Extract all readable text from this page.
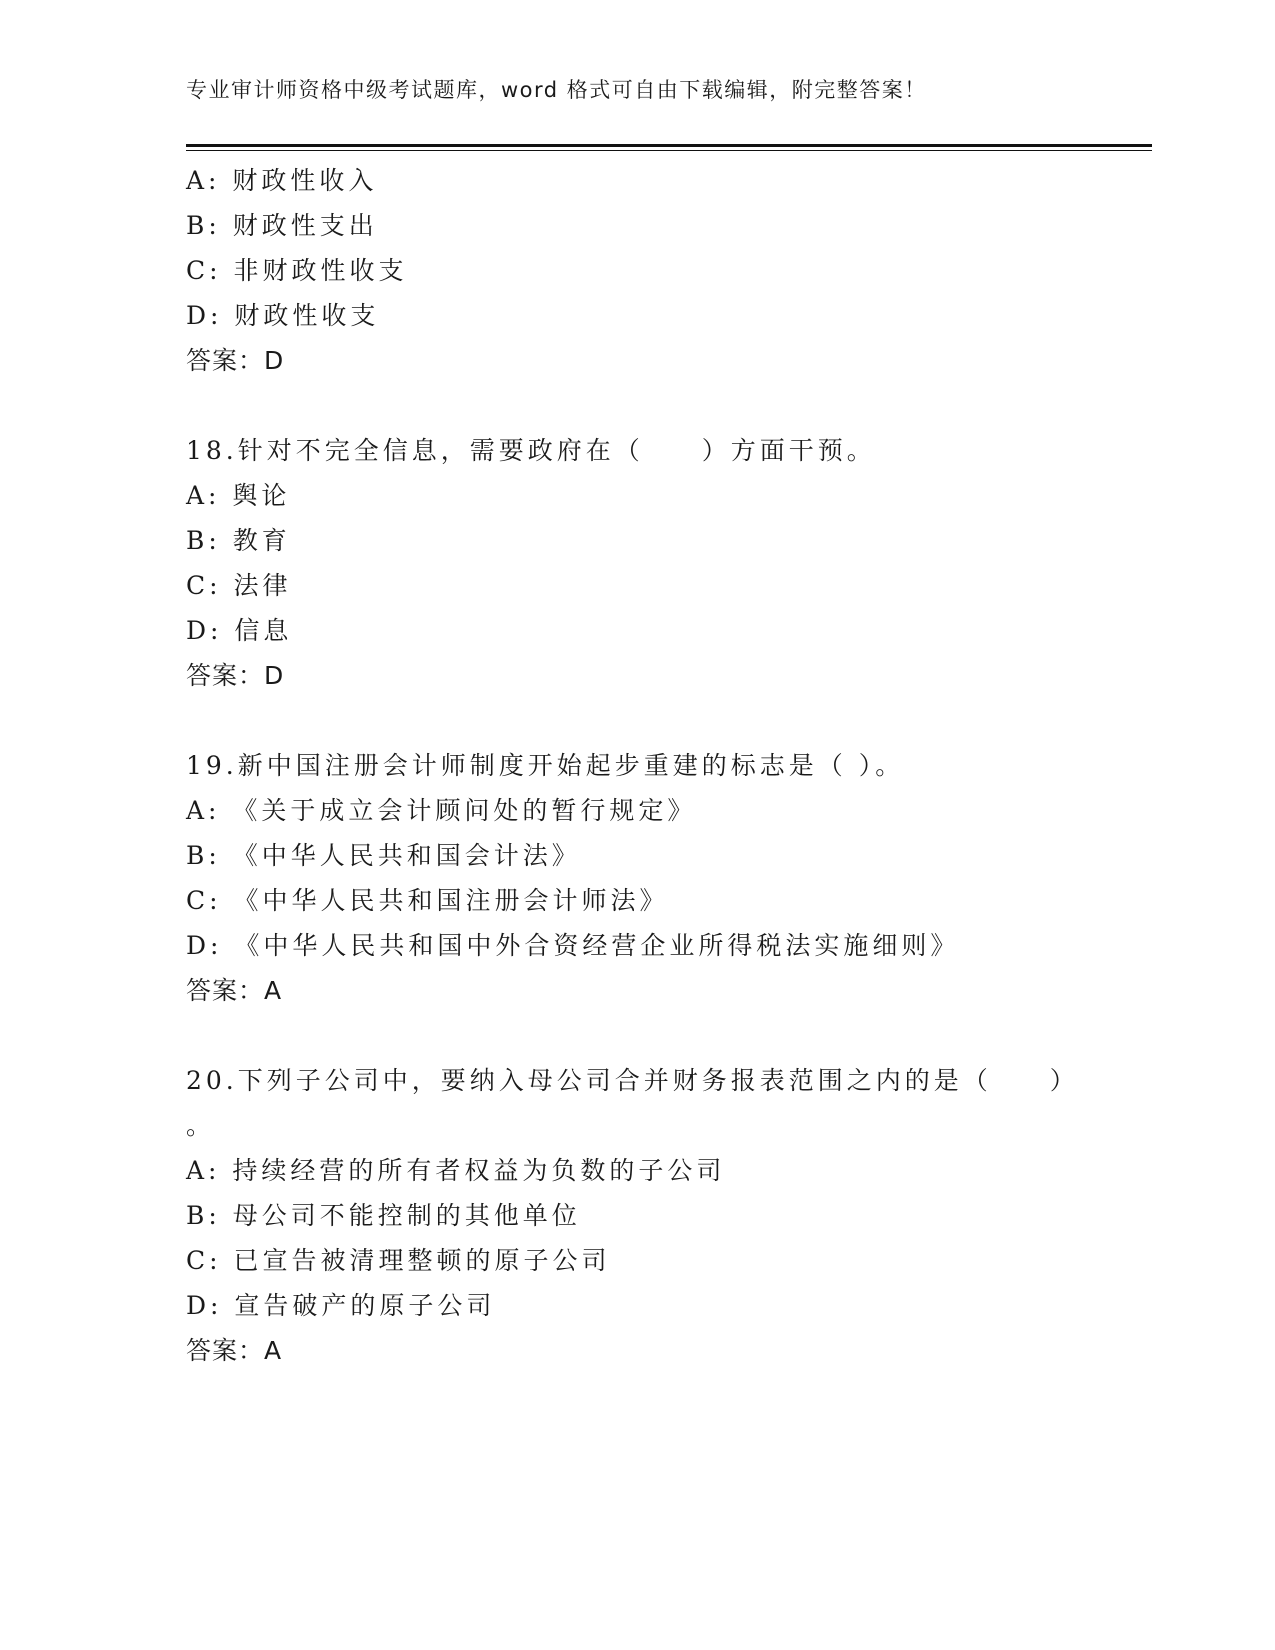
专业审计师资格中级考试题库，word 格式可自由下载编辑，附完整答案！
A: 财政性收入
B: 财政性支出
C: 非财政性收支
D: 财政性收支
答案：D
18.针对不完全信息，需要政府在（　　）方面干预。
A: 舆论
B: 教育
C: 法律
D: 信息
答案：D
19.新中国注册会计师制度开始起步重建的标志是（ ）。
A: 《关于成立会计顾问处的暂行规定》
B: 《中华人民共和国会计法》
C: 《中华人民共和国注册会计师法》
D: 《中华人民共和国中外合资经营企业所得税法实施细则》
答案：A
20.下列子公司中，要纳入母公司合并财务报表范围之内的是（　　）
。
A: 持续经营的所有者权益为负数的子公司
B: 母公司不能控制的其他单位
C: 已宣告被清理整顿的原子公司
D: 宣告破产的原子公司
答案：A
